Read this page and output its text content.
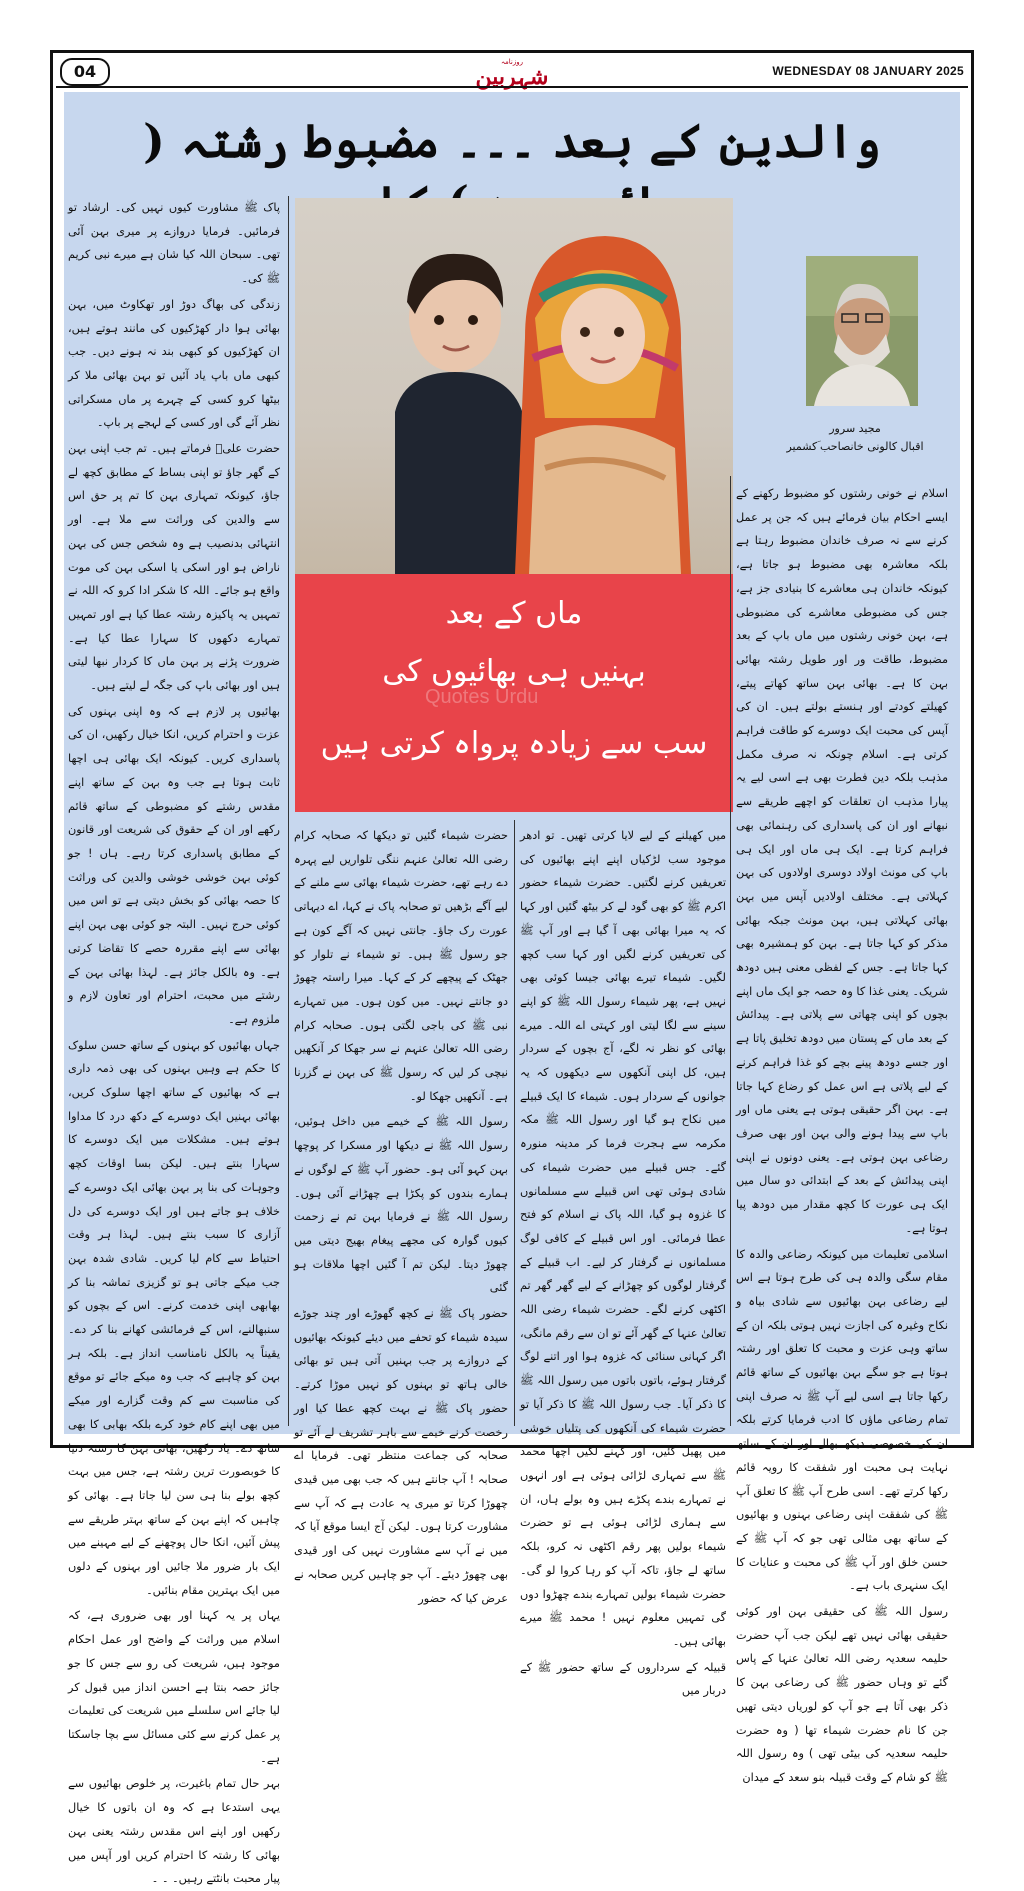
04	روزنامہ
شہربین	WEDNESDAY 08 JANUARY 2025
والدین کے بعد ۔۔۔ مضبوط رشتہ (
ماں کے بعد
Quotes Urdu
بہنیں ہی بھائیوں کی
سب سے زیادہ پرواہ کرتی ہیں
مجید سرور
اقبال کالونی خانصاحب ؔکشمیر

اسلام نے خونی رشتوں کو مضبوط رکھنے کے ایسے احکام بیان فرمائے ہیں کہ جن پر عمل کرنے سے نہ صرف خاندان مضبوط رہتا ہے بلکہ معاشرہ بھی مضبوط ہو جاتا ہے، کیونکہ خاندان ہی معاشرے کا بنیادی جز ہے، جس کی مضبوطی معاشرے کی مضبوطی ہے، بہن خونی رشتوں میں ماں باپ کے بعد مضبوط، طاقت ور اور طویل رشتہ بھائی بہن کا ہے۔ بھائی بہن ساتھ کھاتے پیتے، کھیلتے کودتے اور ہنستے بولتے ہیں۔ ان کی آپس کی محبت ایک دوسرے کو طاقت فراہم کرتی ہے۔ اسلام چونکہ نہ صرف مکمل مذہب بلکہ دین فطرت بھی ہے اسی لیے یہ پیارا مذہب ان تعلقات کو اچھے طریقے سے نبھانے اور ان کی پاسداری کی رہنمائی بھی فراہم کرتا ہے۔ ایک ہی ماں اور ایک ہی باپ کی مونث اولاد دوسری اولادوں کی بہن کہلاتی ہے۔ مختلف اولادیں آپس میں بہن بھائی کہلاتی ہیں، بہن مونث جبکہ بھائی مذکر کو کہا جاتا ہے۔ بہن کو ہمشیرہ بھی کہا جاتا ہے۔ جس کے لفظی معنی ہیں دودھ شریک۔ یعنی غذا کا وہ حصہ جو ایک ماں اپنے بچوں کو اپنی چھاتی سے پلاتی ہے۔ پیدائش کے بعد ماں کے پستان میں دودھ تخلیق پاتا ہے اور جسے دودھ پینے بچے کو غذا فراہم کرنے کے لیے پلاتی ہے اس عمل کو رضاع کہا جاتا ہے۔ بہن اگر حقیقی ہوتی ہے یعنی ماں اور باپ سے پیدا ہونے والی بہن اور بھی صرف رضاعی بہن ہوتی ہے۔ یعنی دونوں نے اپنی اپنی پیدائش کے بعد کے ابتدائی دو سال میں ایک ہی عورت کا کچھ مقدار میں دودھ پیا ہوتا ہے۔

اسلامی تعلیمات میں کیونکہ رضاعی والدہ کا مقام سگی والدہ ہی کی طرح ہوتا ہے اس لیے رضاعی بہن بھائیوں سے شادی بیاہ و نکاح وغیرہ کی اجازت نہیں ہوتی بلکہ ان کے ساتھ وہی عزت و محبت کا تعلق اور رشتہ ہوتا ہے جو سگے بہن بھائیوں کے ساتھ قائم رکھا جاتا ہے اسی لیے آپ ﷺ نہ صرف اپنی تمام رضاعی ماؤں کا ادب فرمایا کرتے بلکہ ان کی خصوصی دیکھ بھال اور ان کے ساتھ نہایت ہی محبت اور شفقت کا رویہ قائم رکھا کرتے تھے۔ اسی طرح آپ ﷺ کا تعلق آپ ﷺ کی شفقت اپنی رضاعی بہنوں و بھائیوں کے ساتھ بھی مثالی تھی جو کہ آپ ﷺ کے حسن خلق اور آپ ﷺ کی محبت و عنایات کا ایک سنہری باب ہے۔

رسول اللہ ﷺ کی حقیقی بہن اور کوئی حقیقی بھائی نہیں تھے لیکن جب آپ حضرت حلیمہ سعدیہ رضی اللہ تعالیٰ عنہا کے پاس گئے تو وہاں حضور ﷺ کی رضاعی بہن کا ذکر بھی آتا ہے جو آپ کو لوریاں دیتی تھیں جن کا نام حضرت شیماء تھا ( وہ حضرت حلیمہ سعدیہ کی بیٹی تھی ) وہ رسول اللہ ﷺ کو شام کے وقت قبیلہ بنو سعد کے میدان

میں کھیلنے کے لیے لایا کرتی تھیں۔ تو ادھر موجود سب لڑکیاں اپنے اپنے بھائیوں کی تعریفیں کرنے لگتیں۔ حضرت شیماء حضور اکرم ﷺ کو بھی گود لے کر بیٹھ گئیں اور کہا کہ یہ میرا بھائی بھی آ گیا ہے اور آپ ﷺ کی تعریفیں کرنے لگیں اور کہا سب کچھ لگیں۔ شیماء تیرے بھائی جیسا کوئی بھی نہیں ہے، پھر شیماء رسول اللہ ﷺ کو اپنے سینے سے لگا لیتی اور کہتی اے اللہ۔ میرے بھائی کو نظر نہ لگے، آج بچوں کے سردار ہیں، کل اپنی آنکھوں سے دیکھوں کہ یہ جوانوں کے سردار ہوں۔ شیماء کا ایک قبیلے میں نکاح ہو گیا اور رسول اللہ ﷺ مکہ مکرمہ سے ہجرت فرما کر مدینہ منورہ گئے۔ جس قبیلے میں حضرت شیماء کی شادی ہوئی تھی اس قبیلے سے مسلمانوں کا غزوہ ہو گیا، اللہ پاک نے اسلام کو فتح عطا فرمائی۔ اور اس قبیلے کے کافی لوگ مسلمانوں نے گرفتار کر لیے۔ اب قبیلے کے گرفتار لوگوں کو چھڑانے کے لیے گھر گھر تم اکٹھی کرنے لگے۔ حضرت شیماء رضی اللہ تعالیٰ عنہا کے گھر آئے تو ان سے رقم مانگی، اگر کہانی سنائی کہ غزوہ ہوا اور اتنے لوگ گرفتار ہوئے، باتوں باتوں میں رسول اللہ ﷺ کا ذکر آیا۔ جب رسول اللہ ﷺ کا ذکر آیا تو حضرت شیماء کی آنکھوں کی پتلیاں خوشی میں پھیل گئیں، اور کہنے لگیں اچھا محمد ﷺ سے تمہاری لڑائی ہوئی ہے اور انہوں نے تمہارے بندے پکڑے ہیں وہ بولے ہاں، ان سے ہماری لڑائی ہوئی ہے تو حضرت شیماء بولیں پھر رقم اکٹھی نہ کرو، بلکہ ساتھ لے جاؤ، تاکہ آپ کو رہا کروا لو گی۔ حضرت شیماء بولیں تمہارے بندے چھڑوا دوں گی تمہیں معلوم نہیں ! محمد ﷺ میرے بھائی ہیں۔

قبیلہ کے سرداروں کے ساتھ حضور ﷺ کے دربار میں

حضرت شیماء گئیں تو دیکھا کہ صحابہ کرام رضی اللہ تعالیٰ عنہم ننگی تلواریں لیے پہرہ دے رہے تھے، حضرت شیماء بھائی سے ملنے کے لیے آگے بڑھیں تو صحابہ پاک نے کہا، اے دیہاتی عورت رک جاؤ۔ جانتی نہیں کہ آگے کون ہے جو رسول ﷺ ہیں۔ تو شیماء نے تلوار کو جھٹک کے پیچھے کر کے کہا۔ میرا راستہ چھوڑ دو جانتے نہیں۔ میں کون ہوں۔ میں تمہارے نبی ﷺ کی باجی لگتی ہوں۔ صحابہ کرام رضی اللہ تعالیٰ عنہم نے سر جھکا کر آنکھیں نیچی کر لیں کہ رسول ﷺ کی بہن نے گزرنا ہے۔ آنکھیں جھکا لو۔

رسول اللہ ﷺ کے خیمے میں داخل ہوئیں، رسول اللہ ﷺ نے دیکھا اور مسکرا کر پوچھا بہن کہو آئی ہو۔ حضور آپ ﷺ کے لوگوں نے ہمارے بندوں کو پکڑا ہے چھڑانے آئی ہوں۔ رسول اللہ ﷺ نے فرمایا بہن تم نے زحمت کیوں گوارہ کی مجھے پیغام بھیج دیتی میں چھوڑ دیتا۔ لیکن تم آ گئیں اچھا ملاقات ہو گئی

حضور پاک ﷺ نے کچھ گھوڑے اور چند جوڑے سیدہ شیماء کو تحفے میں دیئے کیونکہ بھائیوں کے دروازے پر جب بہنیں آتی ہیں تو بھائی خالی ہاتھ تو بہنوں کو نہیں موڑا کرتے۔ حضور پاک ﷺ نے بہت کچھ عطا کیا اور رخصت کرنے خیمے سے باہر تشریف لے آئے تو صحابہ کی جماعت منتظر تھی۔ فرمایا اے صحابہ ! آپ جانتے ہیں کہ جب بھی میں قیدی چھوڑا کرتا تو میری یہ عادت ہے کہ آپ سے مشاورت کرتا ہوں۔ لیکن آج ایسا موقع آیا کہ میں نے آپ سے مشاورت نہیں کی اور قیدی بھی چھوڑ دیئے۔ آپ جو چاہیں کریں صحابہ نے عرض کیا کہ حضور

پاک ﷺ مشاورت کیوں نہیں کی۔ ارشاد تو فرمائیں۔ فرمایا دروازے پر میری بہن آئی تھی۔ سبحان اللہ کیا شان ہے میرے نبی کریم ﷺ کی۔

زندگی کی بھاگ دوڑ اور تھکاوٹ میں، بہن بھائی ہوا دار کھڑکیوں کی مانند ہوتے ہیں، ان کھڑکیوں کو کبھی بند نہ ہونے دیں۔ جب کبھی ماں باپ یاد آئیں تو بہن بھائی ملا کر بیٹھا کرو کسی کے چہرے پر ماں مسکراتی نظر آئے گی اور کسی کے لہجے پر باپ۔

حضرت علیؓ فرماتے ہیں۔ تم جب اپنی بہن کے گھر جاؤ تو اپنی بساط کے مطابق کچھ لے جاؤ، کیونکہ تمہاری بہن کا تم پر حق اس سے والدین کی وراثت سے ملا ہے۔ اور انتہائی بدنصیب ہے وہ شخص جس کی بہن ناراض ہو اور اسکی یا اسکی بہن کی موت واقع ہو جائے۔ اللہ کا شکر ادا کرو کہ اللہ نے تمہیں یہ پاکیزہ رشتہ عطا کیا ہے اور تمہیں تمہارے دکھوں کا سہارا عطا کیا ہے۔ ضرورت پڑنے پر بہن ماں کا کردار نبھا لیتی ہیں اور بھائی باپ کی جگہ لے لیتے ہیں۔

بھائیوں پر لازم ہے کہ وہ اپنی بہنوں کی عزت و احترام کریں، انکا خیال رکھیں، ان کی پاسداری کریں۔ کیونکہ ایک بھائی ہی اچھا ثابت ہوتا ہے جب وہ بہن کے ساتھ اپنے مقدس رشتے کو مضبوطی کے ساتھ قائم رکھے اور ان کے حقوق کی شریعت اور قانون کے مطابق پاسداری کرتا رہے۔ ہاں ! جو کوئی بہن خوشی خوشی والدین کی وراثت کا حصہ بھائی کو بخش دیتی ہے تو اس میں کوئی حرج نہیں۔ البتہ جو کوئی بھی بہن اپنے بھائی سے اپنے مقررہ حصے کا تقاضا کرتی ہے۔ وہ بالکل جائز ہے۔ لہذا بھائی بہن کے رشتے میں محبت، احترام اور تعاون لازم و ملزوم ہے۔

جہاں بھائیوں کو بہنوں کے ساتھ حسن سلوک کا حکم ہے وہیں بہنوں کی بھی ذمہ داری ہے کہ بھائیوں کے ساتھ اچھا سلوک کریں، بھائی بہنیں ایک دوسرے کے دکھ درد کا مداوا ہوتے ہیں۔ مشکلات میں ایک دوسرے کا سہارا بنتے ہیں۔ لیکن بسا اوقات کچھ وجوہات کی بنا پر بہن بھائی ایک دوسرے کے خلاف ہو جاتے ہیں اور ایک دوسرے کی دل آزاری کا سبب بنتے ہیں۔ لہذا ہر وقت احتیاط سے کام لیا کریں۔ شادی شدہ بہن جب میکے جاتی ہو تو گزیزی تماشہ بنا کر بھابھی اپنی خدمت کرنے۔ اس کے بچوں کو سنبھالنے، اس کے فرمائشی کھانے بنا کر دے۔ یقیناً یہ بالکل نامناسب انداز ہے۔ بلکہ ہر بہن کو چاہیے کہ جب وہ میکے جائے تو موقع کی مناسبت سے کم وقت گزارے اور میکے میں بھی اپنے کام خود کرے بلکہ بھابی کا بھی ساتھ دے۔ یاد رکھیں، بھائی بہن کا رشتہ دنیا کا خوبصورت ترین رشتہ ہے، جس میں بہت کچھ بولے بنا ہی سن لیا جاتا ہے۔ بھائی کو چاہیں کہ اپنے بہن کے ساتھ بہتر طریقے سے پیش آئیں، انکا حال پوچھنے کے لیے مہینے میں ایک بار ضرور ملا جائیں اور بہنوں کے دلوں میں ایک بہترین مقام بنائیں۔

یہاں پر یہ کہنا اور بھی ضروری ہے، کہ اسلام میں وراثت کے واضح اور عمل احکام موجود ہیں، شریعت کی رو سے جس کا جو جائز حصہ بنتا ہے احسن انداز میں قبول کر لیا جائے اس سلسلے میں شریعت کی تعلیمات پر عمل کرنے سے کئی مسائل سے بچا جاسکتا ہے۔

بہر حال تمام باغیرت، پر خلوص بھائیوں سے یہی استدعا ہے کہ وہ ان باتوں کا خیال رکھیں اور اپنے اس مقدس رشتہ یعنی بہن بھائی کا رشتہ کا احترام کریں اور آپس میں پیار محبت بانٹتے رہیں۔ ۔ ۔
